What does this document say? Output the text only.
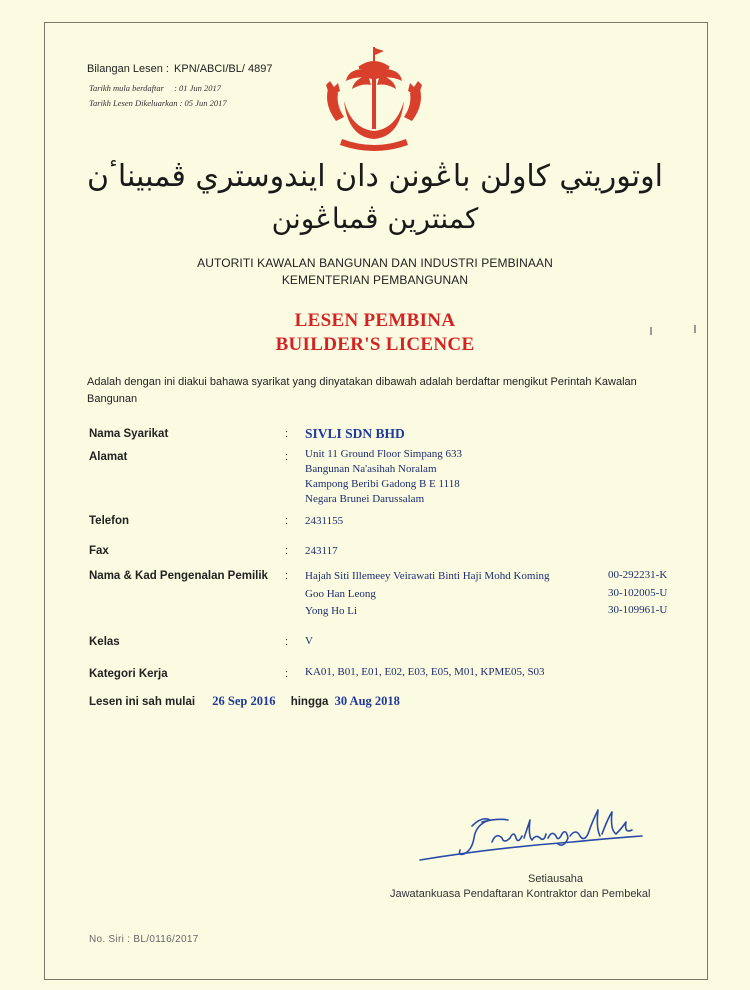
Bilangan Lesen : KPN/ABCI/BL/ 4897
Tarikh mula berdaftar : 01 Jun 2017
Tarikh Lesen Dikeluarkan : 05 Jun 2017
اوتوريتي كاولن باڠونن دان ايندوستري ڤمبيناٴن
كمنترين ڤمباڠونن
AUTORITI KAWALAN BANGUNAN DAN INDUSTRI PEMBINAAN
KEMENTERIAN PEMBANGUNAN
LESEN PEMBINA
BUILDER'S LICENCE
Adalah dengan ini diakui bahawa syarikat yang dinyatakan dibawah adalah berdaftar mengikut Perintah Kawalan Bangunan
Nama Syarikat	: SIVLI SDN BHD
Alamat	: Unit 11 Ground Floor Simpang 633
Bangunan Na'asihah Noralam
Kampong Beribi Gadong B E 1118
Negara Brunei Darussalam
Telefon	: 2431155
Fax	: 243117
Nama & Kad Pengenalan Pemilik : Hajah Siti Illemeey Veirawati Binti Haji Mohd Koming	00-292231-K
Goo Han Leong	30-102005-U
Yong Ho Li	30-109961-U
Kelas	: V
Kategori Kerja	: KA01, B01, E01, E02, E03, E05, M01, KPME05, S03
Lesen ini sah mulai 26 Sep 2016 hingga 30 Aug 2018
Setiausaha
Jawatankuasa Pendaftaran Kontraktor dan Pembekal
No. Siri : BL/0116/2017
